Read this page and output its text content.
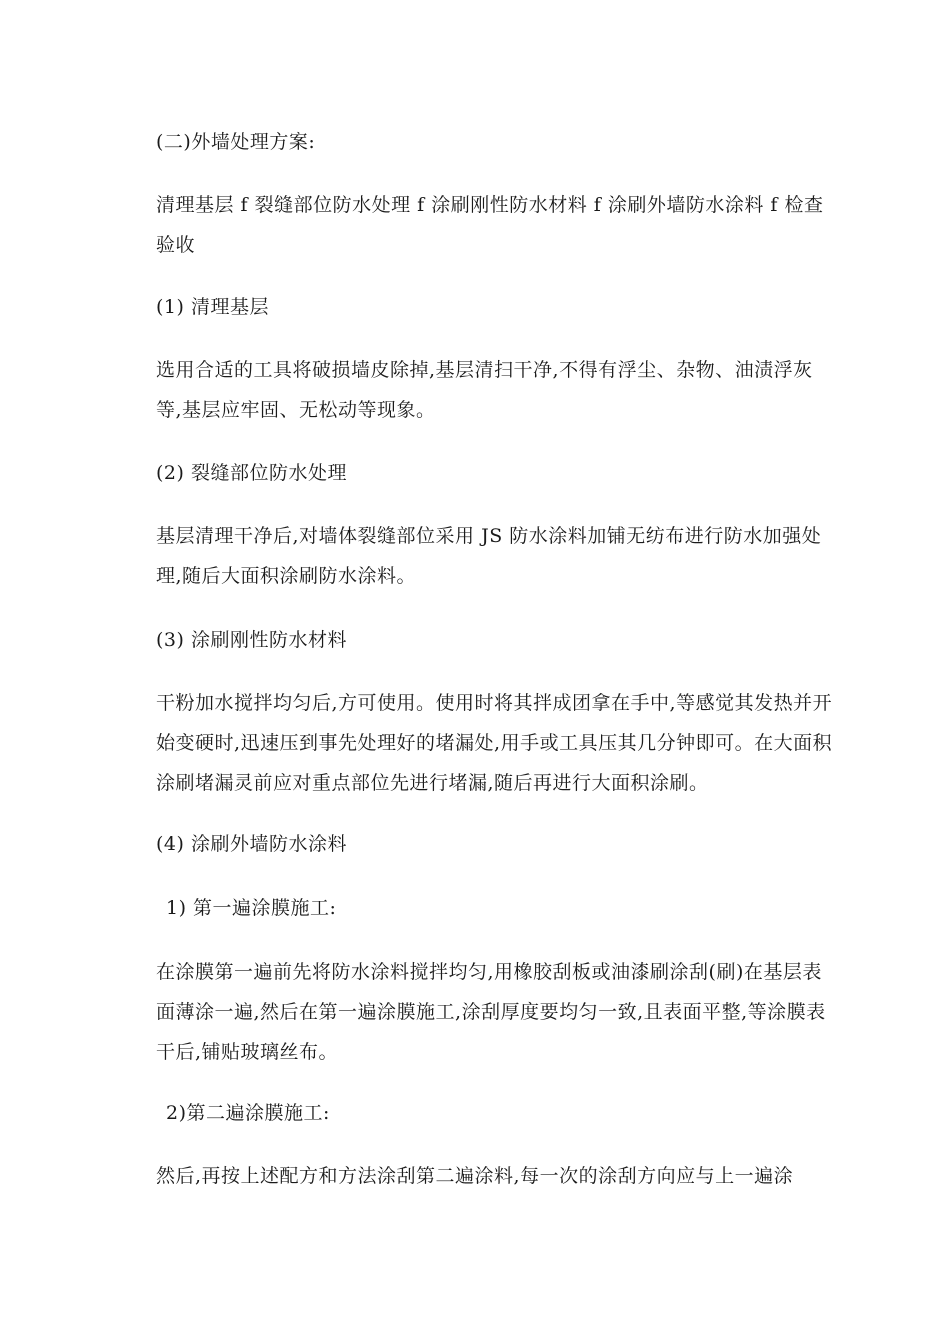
(二)外墙处理方案:

清理基层 f 裂缝部位防水处理 f 涂刷刚性防水材料 f 涂刷外墙防水涂料 f 检查验收

(1) 清理基层

选用合适的工具将破损墙皮除掉,基层清扫干净,不得有浮尘、杂物、油渍浮灰等,基层应牢固、无松动等现象。

(2) 裂缝部位防水处理

基层清理干净后,对墙体裂缝部位采用 JS 防水涂料加铺无纺布进行防水加强处理,随后大面积涂刷防水涂料。

(3) 涂刷刚性防水材料

干粉加水搅拌均匀后,方可使用。使用时将其拌成团拿在手中,等感觉其发热并开始变硬时,迅速压到事先处理好的堵漏处,用手或工具压其几分钟即可。在大面积涂刷堵漏灵前应对重点部位先进行堵漏,随后再进行大面积涂刷。

(4) 涂刷外墙防水涂料

1) 第一遍涂膜施工:

在涂膜第一遍前先将防水涂料搅拌均匀,用橡胶刮板或油漆刷涂刮(刷)在基层表面薄涂一遍,然后在第一遍涂膜施工,涂刮厚度要均匀一致,且表面平整,等涂膜表干后,铺贴玻璃丝布。

2)第二遍涂膜施工:

然后,再按上述配方和方法涂刮第二遍涂料,每一次的涂刮方向应与上一遍涂
